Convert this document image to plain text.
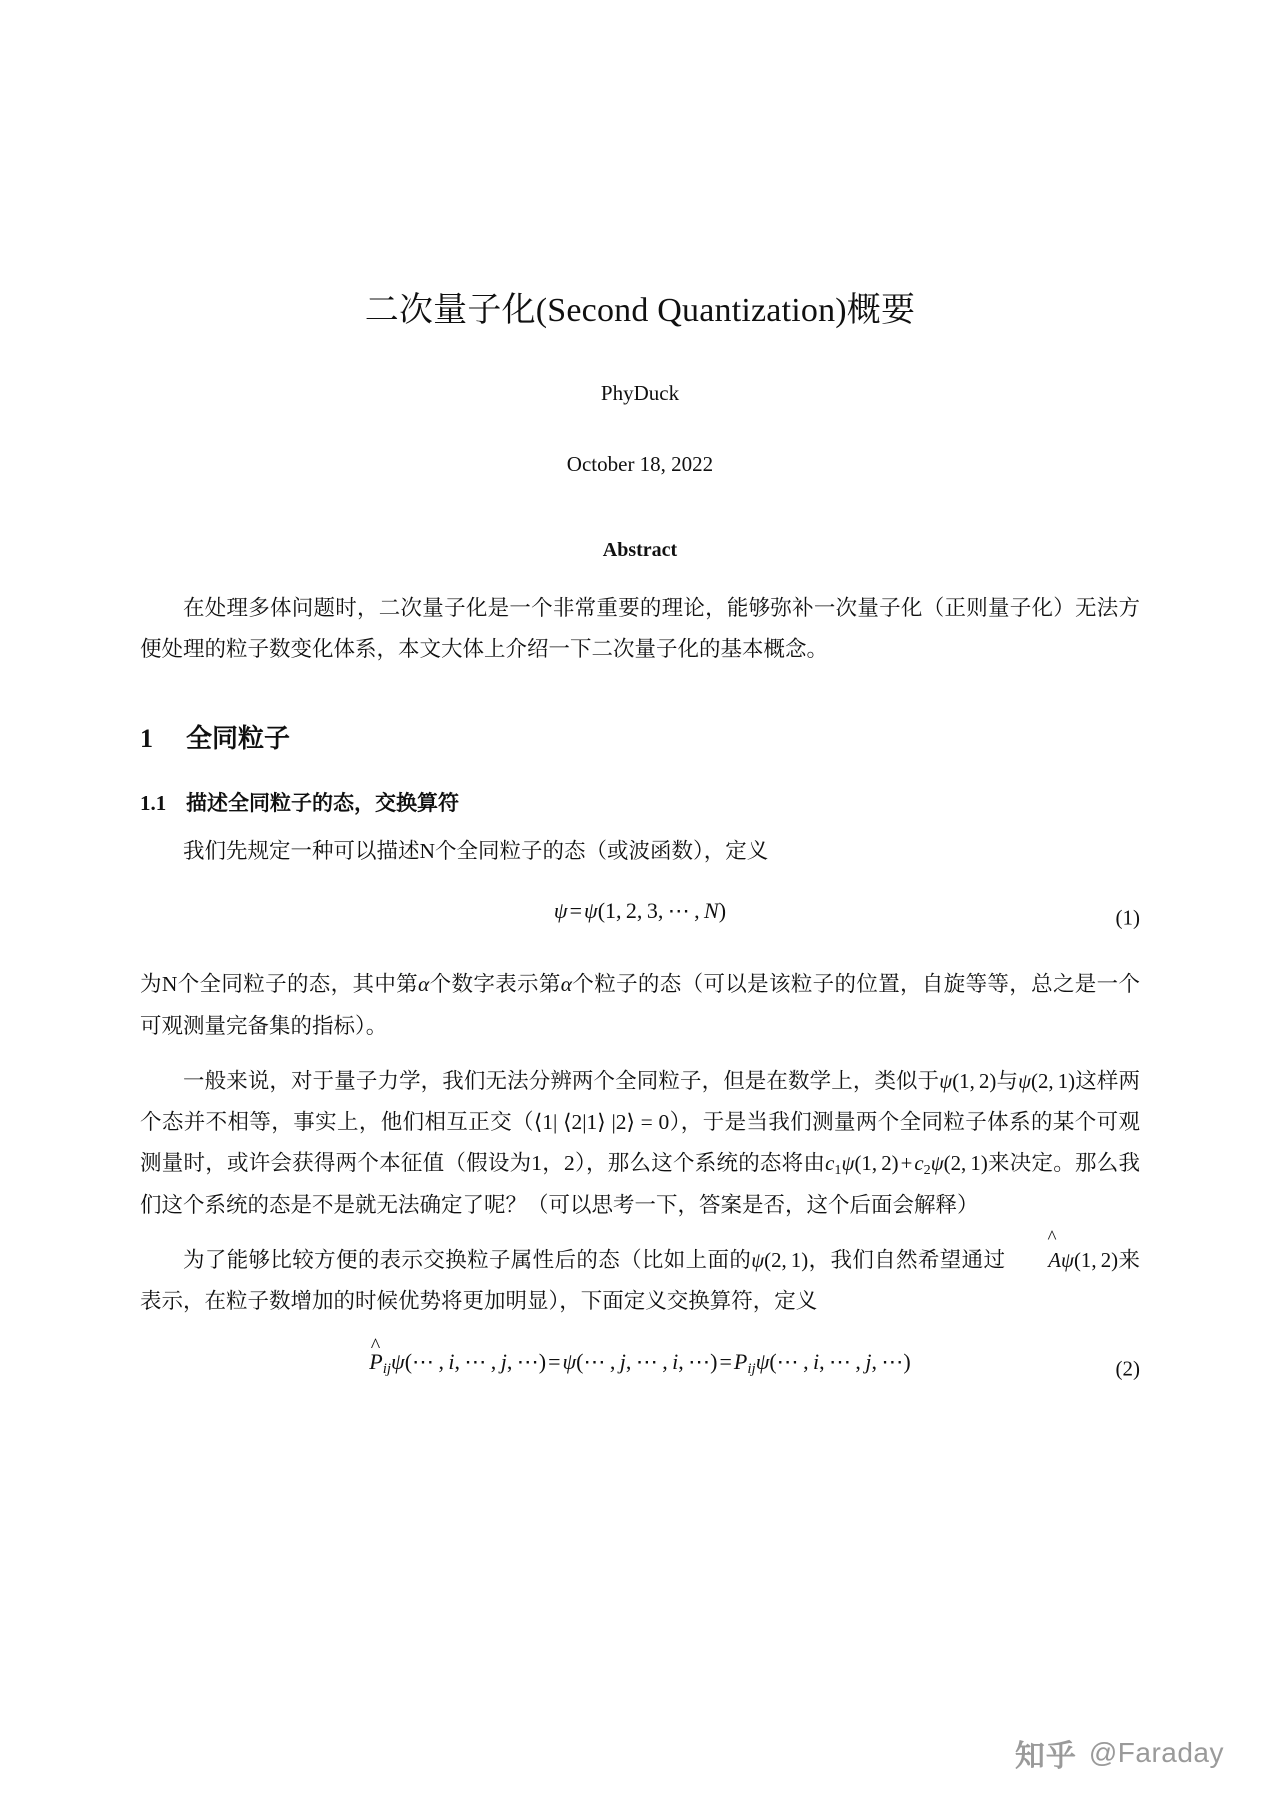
二次量子化(Second Quantization)概要
PhyDuck
October 18, 2022
Abstract
在处理多体问题时，二次量子化是一个非常重要的理论，能够弥补一次量子化（正则量子化）无法方便处理的粒子数变化体系，本文大体上介绍一下二次量子化的基本概念。
1 全同粒子
1.1 描述全同粒子的态，交换算符

我们先规定一种可以描述N个全同粒子的态（或波函数），定义

ψ=ψ(1, 2, 3, ⋯ , N)	(1)

为N个全同粒子的态，其中第α个数字表示第α个粒子的态（可以是该粒子的位置，自旋等等，总之是一个可观测量完备集的指标）。

一般来说，对于量子力学，我们无法分辨两个全同粒子，但是在数学上，类似于ψ(1, 2)与ψ(2, 1)这样两个态并不相等，事实上，他们相互正交（⟨1| ⟨2|1⟩ |2⟩ = 0），于是当我们测量两个全同粒子体系的某个可观测量时，或许会获得两个本征值（假设为1，2），那么这个系统的态将由$c_1\psi(1$, $2)+c_2\psi(2$, 1)来决定。那么我们这个系统的态是不是就无法确定了呢？（可以思考一下，答案是否，这个后面会解释）

为了能够比较方便的表示交换粒子属性后的态（比如上面的ψ(2, 1)，我们自然希望通过 A ^ψ(1, 2)来表示，在粒子数增加的时候优势将更加明显），下面定义交换算符，定义

P $\^{}_{ij}\psi(\cdots$ , i, ⋯ , j, ⋯)=ψ(⋯ , j, ⋯ , i, $\cdots)=P_{ij}\psi(\cdots$ , i, ⋯ , j, ⋯)	(2)
知乎 @Faraday
